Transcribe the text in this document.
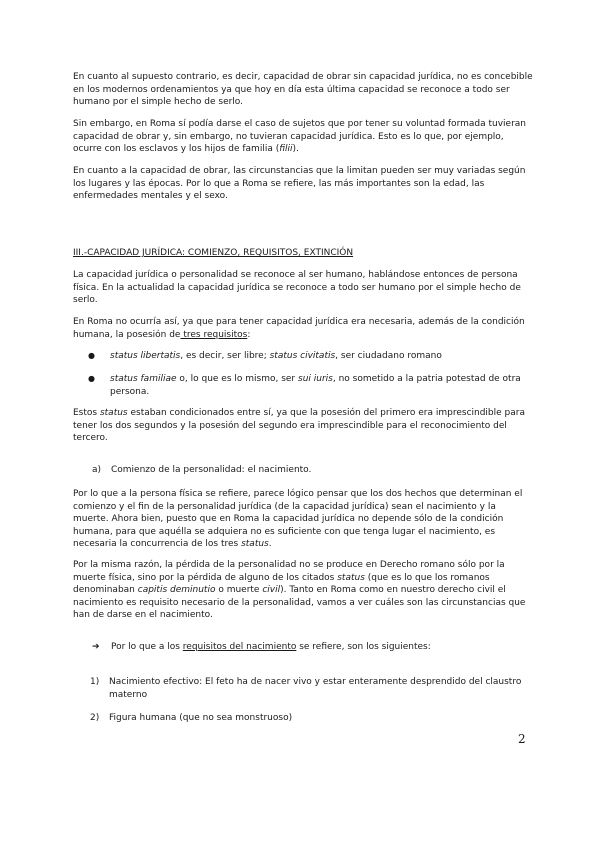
En cuanto al supuesto contrario, es decir, capacidad de obrar sin capacidad jurídica, no es concebible en los modernos ordenamientos ya que hoy en día esta última capacidad se reconoce a todo ser humano por el simple hecho de serlo.

Sin embargo, en Roma sí podía darse el caso de sujetos que por tener su voluntad formada tuvieran capacidad de obrar y, sin embargo, no tuvieran capacidad jurídica. Esto es lo que, por ejemplo, ocurre con los esclavos y los hijos de familia (filii).

En cuanto a la capacidad de obrar, las circunstancias que la limitan pueden ser muy variadas según los lugares y las épocas. Por lo que a Roma se refiere, las más importantes son la edad, las enfermedades mentales y el sexo.

III.-CAPACIDAD JURÍDICA: COMIENZO, REQUISITOS, EXTINCIÓN

La capacidad jurídica o personalidad se reconoce al ser humano, hablándose entonces de persona física. En la actualidad la capacidad jurídica se reconoce a todo ser humano por el simple hecho de serlo.

En Roma no ocurría así, ya que para tener capacidad jurídica era necesaria, además de la condición humana, la posesión de tres requisitos:

● status libertatis, es decir, ser libre; status civitatis, ser ciudadano romano
● status familiae o, lo que es lo mismo, ser sui iuris, no sometido a la patria potestad de otra persona.

Estos status estaban condicionados entre sí, ya que la posesión del primero era imprescindible para tener los dos segundos y la posesión del segundo era imprescindible para el reconocimiento del tercero.

a)	Comienzo de la personalidad: el nacimiento.

Por lo que a la persona física se refiere, parece lógico pensar que los dos hechos que determinan el comienzo y el fin de la personalidad jurídica (de la capacidad jurídica) sean el nacimiento y la muerte. Ahora bien, puesto que en Roma la capacidad jurídica no depende sólo de la condición humana, para que aquélla se adquiera no es suficiente con que tenga lugar el nacimiento, es necesaria la concurrencia de los tres status.

Por la misma razón, la pérdida de la personalidad no se produce en Derecho romano sólo por la muerte física, sino por la pérdida de alguno de los citados status (que es lo que los romanos denominaban capitis deminutio o muerte civil). Tanto en Roma como en nuestro derecho civil el nacimiento es requisito necesario de la personalidad, vamos a ver cuáles son las circunstancias que han de darse en el nacimiento.

➔	Por lo que a los requisitos del nacimiento se refiere, son los siguientes:
1)	Nacimiento efectivo: El feto ha de nacer vivo y estar enteramente desprendido del claustro materno
2)	Figura humana (que no sea monstruoso)
2
